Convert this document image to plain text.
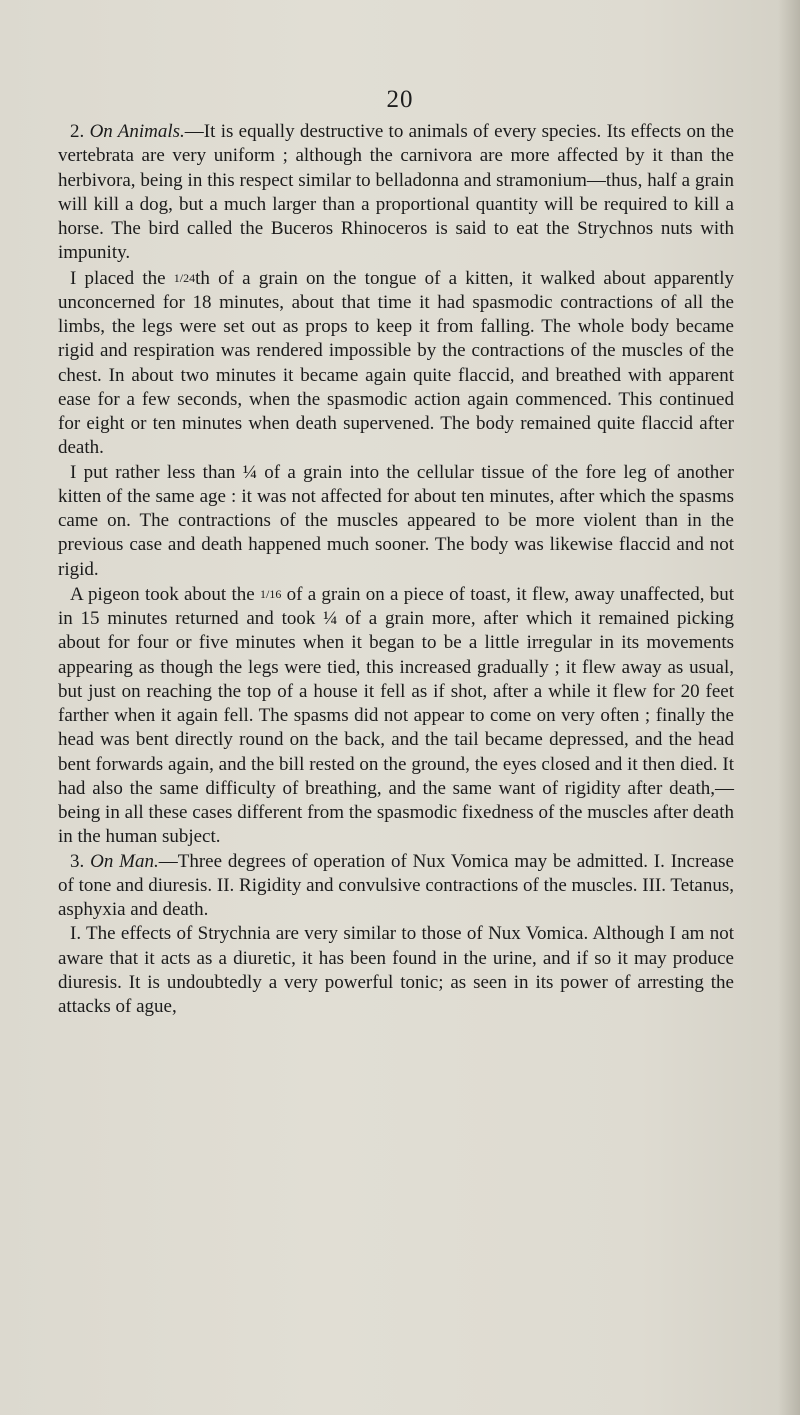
20

2. On Animals.—It is equally destructive to animals of every species. Its effects on the vertebrata are very uniform ; although the carnivora are more affected by it than the herbivora, being in this respect similar to belladonna and stramonium—thus, half a grain will kill a dog, but a much larger than a proportional quantity will be required to kill a horse. The bird called the Buceros Rhinoceros is said to eat the Strychnos nuts with impunity.

I placed the 1/24th of a grain on the tongue of a kitten, it walked about apparently unconcerned for 18 minutes, about that time it had spasmodic contractions of all the limbs, the legs were set out as props to keep it from falling. The whole body became rigid and respiration was rendered impossible by the contractions of the muscles of the chest. In about two minutes it became again quite flaccid, and breathed with apparent ease for a few seconds, when the spasmodic action again commenced. This continued for eight or ten minutes when death supervened. The body remained quite flaccid after death.

I put rather less than ¼ of a grain into the cellular tissue of the fore leg of another kitten of the same age : it was not affected for about ten minutes, after which the spasms came on. The contractions of the muscles appeared to be more violent than in the previous case and death happened much sooner. The body was likewise flaccid and not rigid.

A pigeon took about the 1/16 of a grain on a piece of toast, it flew, away unaffected, but in 15 minutes returned and took ¼ of a grain more, after which it remained picking about for four or five minutes when it began to be a little irregular in its movements appearing as though the legs were tied, this increased gradually ; it flew away as usual, but just on reaching the top of a house it fell as if shot, after a while it flew for 20 feet farther when it again fell. The spasms did not appear to come on very often ; finally the head was bent directly round on the back, and the tail became depressed, and the head bent forwards again, and the bill rested on the ground, the eyes closed and it then died. It had also the same difficulty of breathing, and the same want of rigidity after death,—being in all these cases different from the spasmodic fixedness of the muscles after death in the human subject.

3. On Man.—Three degrees of operation of Nux Vomica may be admitted. I. Increase of tone and diuresis. II. Rigidity and convulsive contractions of the muscles. III. Tetanus, asphyxia and death.

I. The effects of Strychnia are very similar to those of Nux Vomica. Although I am not aware that it acts as a diuretic, it has been found in the urine, and if so it may produce diuresis. It is undoubtedly a very powerful tonic; as seen in its power of arresting the attacks of ague,
